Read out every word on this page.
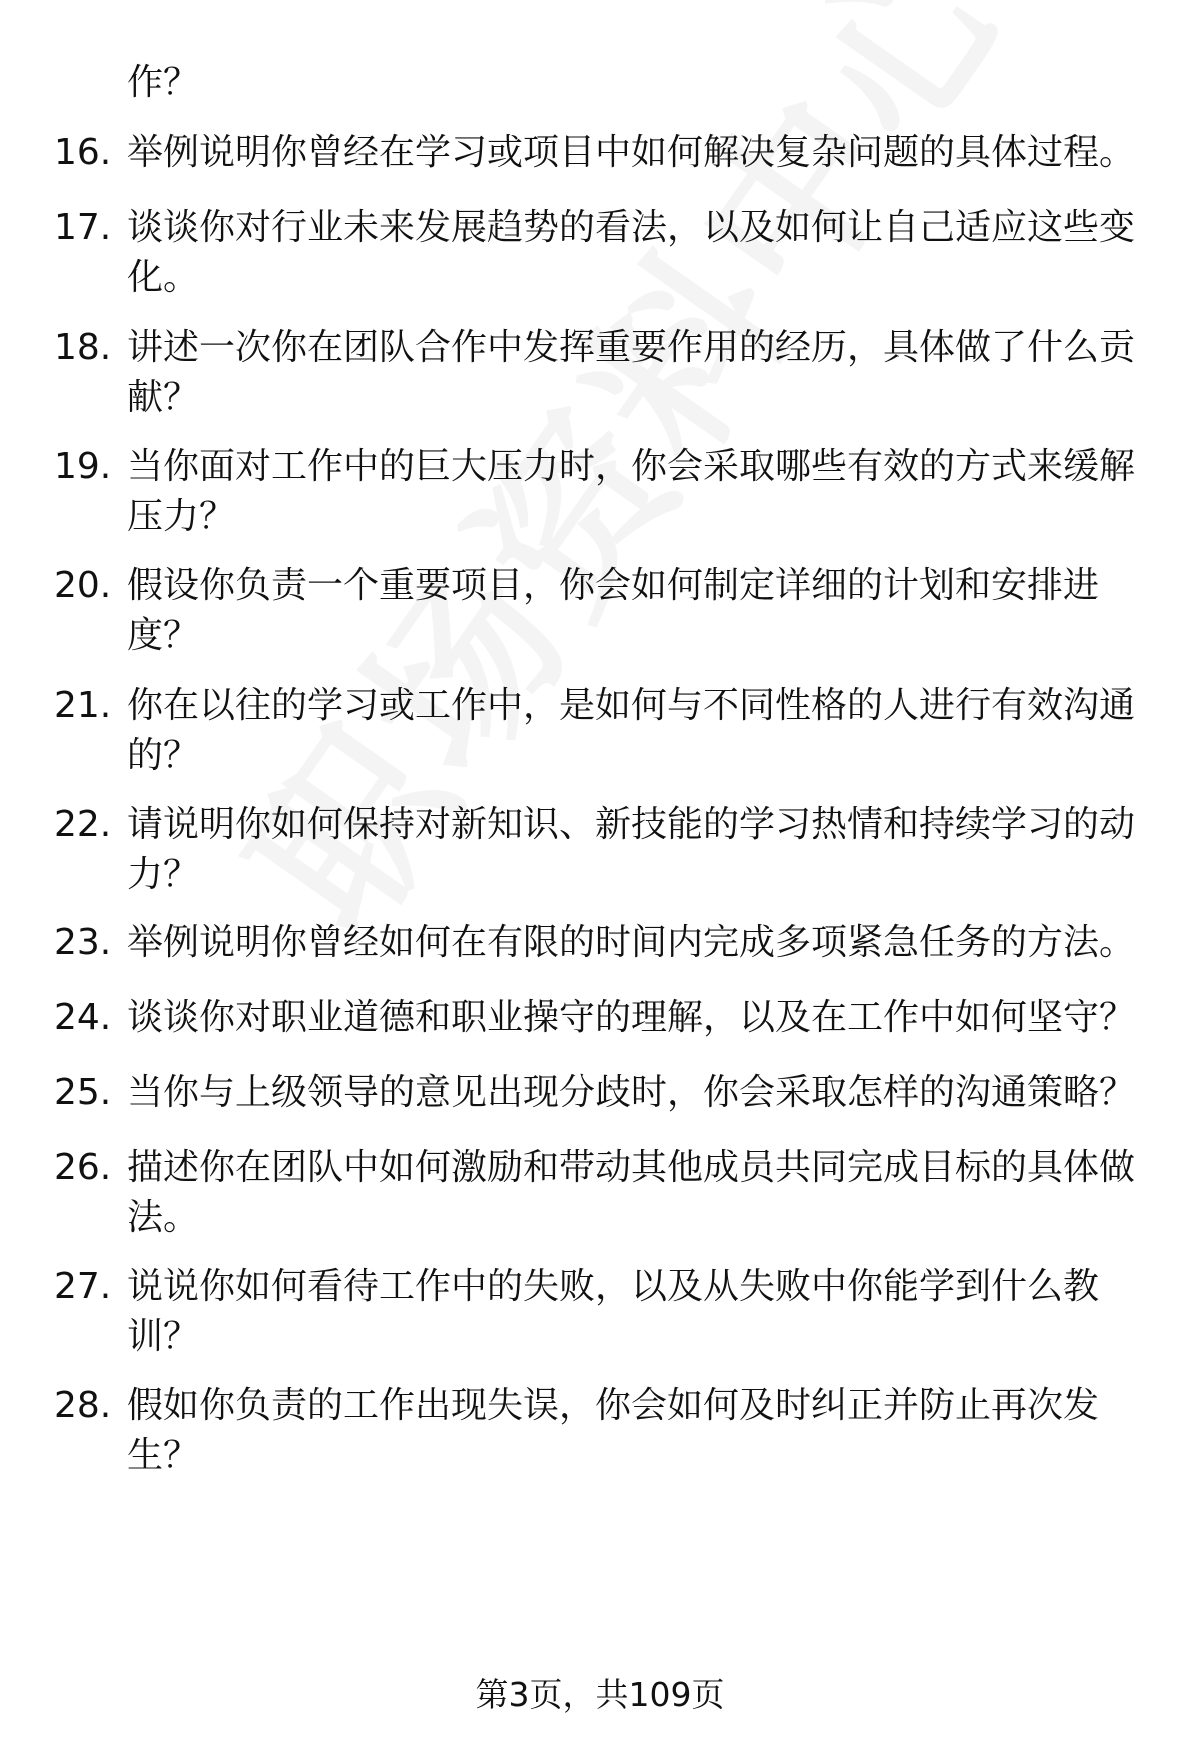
作？

16. 举例说明你曾经在学习或项目中如何解决复杂问题的具体过程。
17. 谈谈你对行业未来发展趋势的看法，以及如何让自己适应这些变化。
18. 讲述一次你在团队合作中发挥重要作用的经历，具体做了什么贡献？
19. 当你面对工作中的巨大压力时，你会采取哪些有效的方式来缓解压力？
20. 假设你负责一个重要项目，你会如何制定详细的计划和安排进度？
21. 你在以往的学习或工作中，是如何与不同性格的人进行有效沟通的？
22. 请说明你如何保持对新知识、新技能的学习热情和持续学习的动力？
23. 举例说明你曾经如何在有限的时间内完成多项紧急任务的方法。
24. 谈谈你对职业道德和职业操守的理解，以及在工作中如何坚守？
25. 当你与上级领导的意见出现分歧时，你会采取怎样的沟通策略？
26. 描述你在团队中如何激励和带动其他成员共同完成目标的具体做法。
27. 说说你如何看待工作中的失败，以及从失败中你能学到什么教训？
28. 假如你负责的工作出现失误，你会如何及时纠正并防止再次发生？
第3页，共109页
